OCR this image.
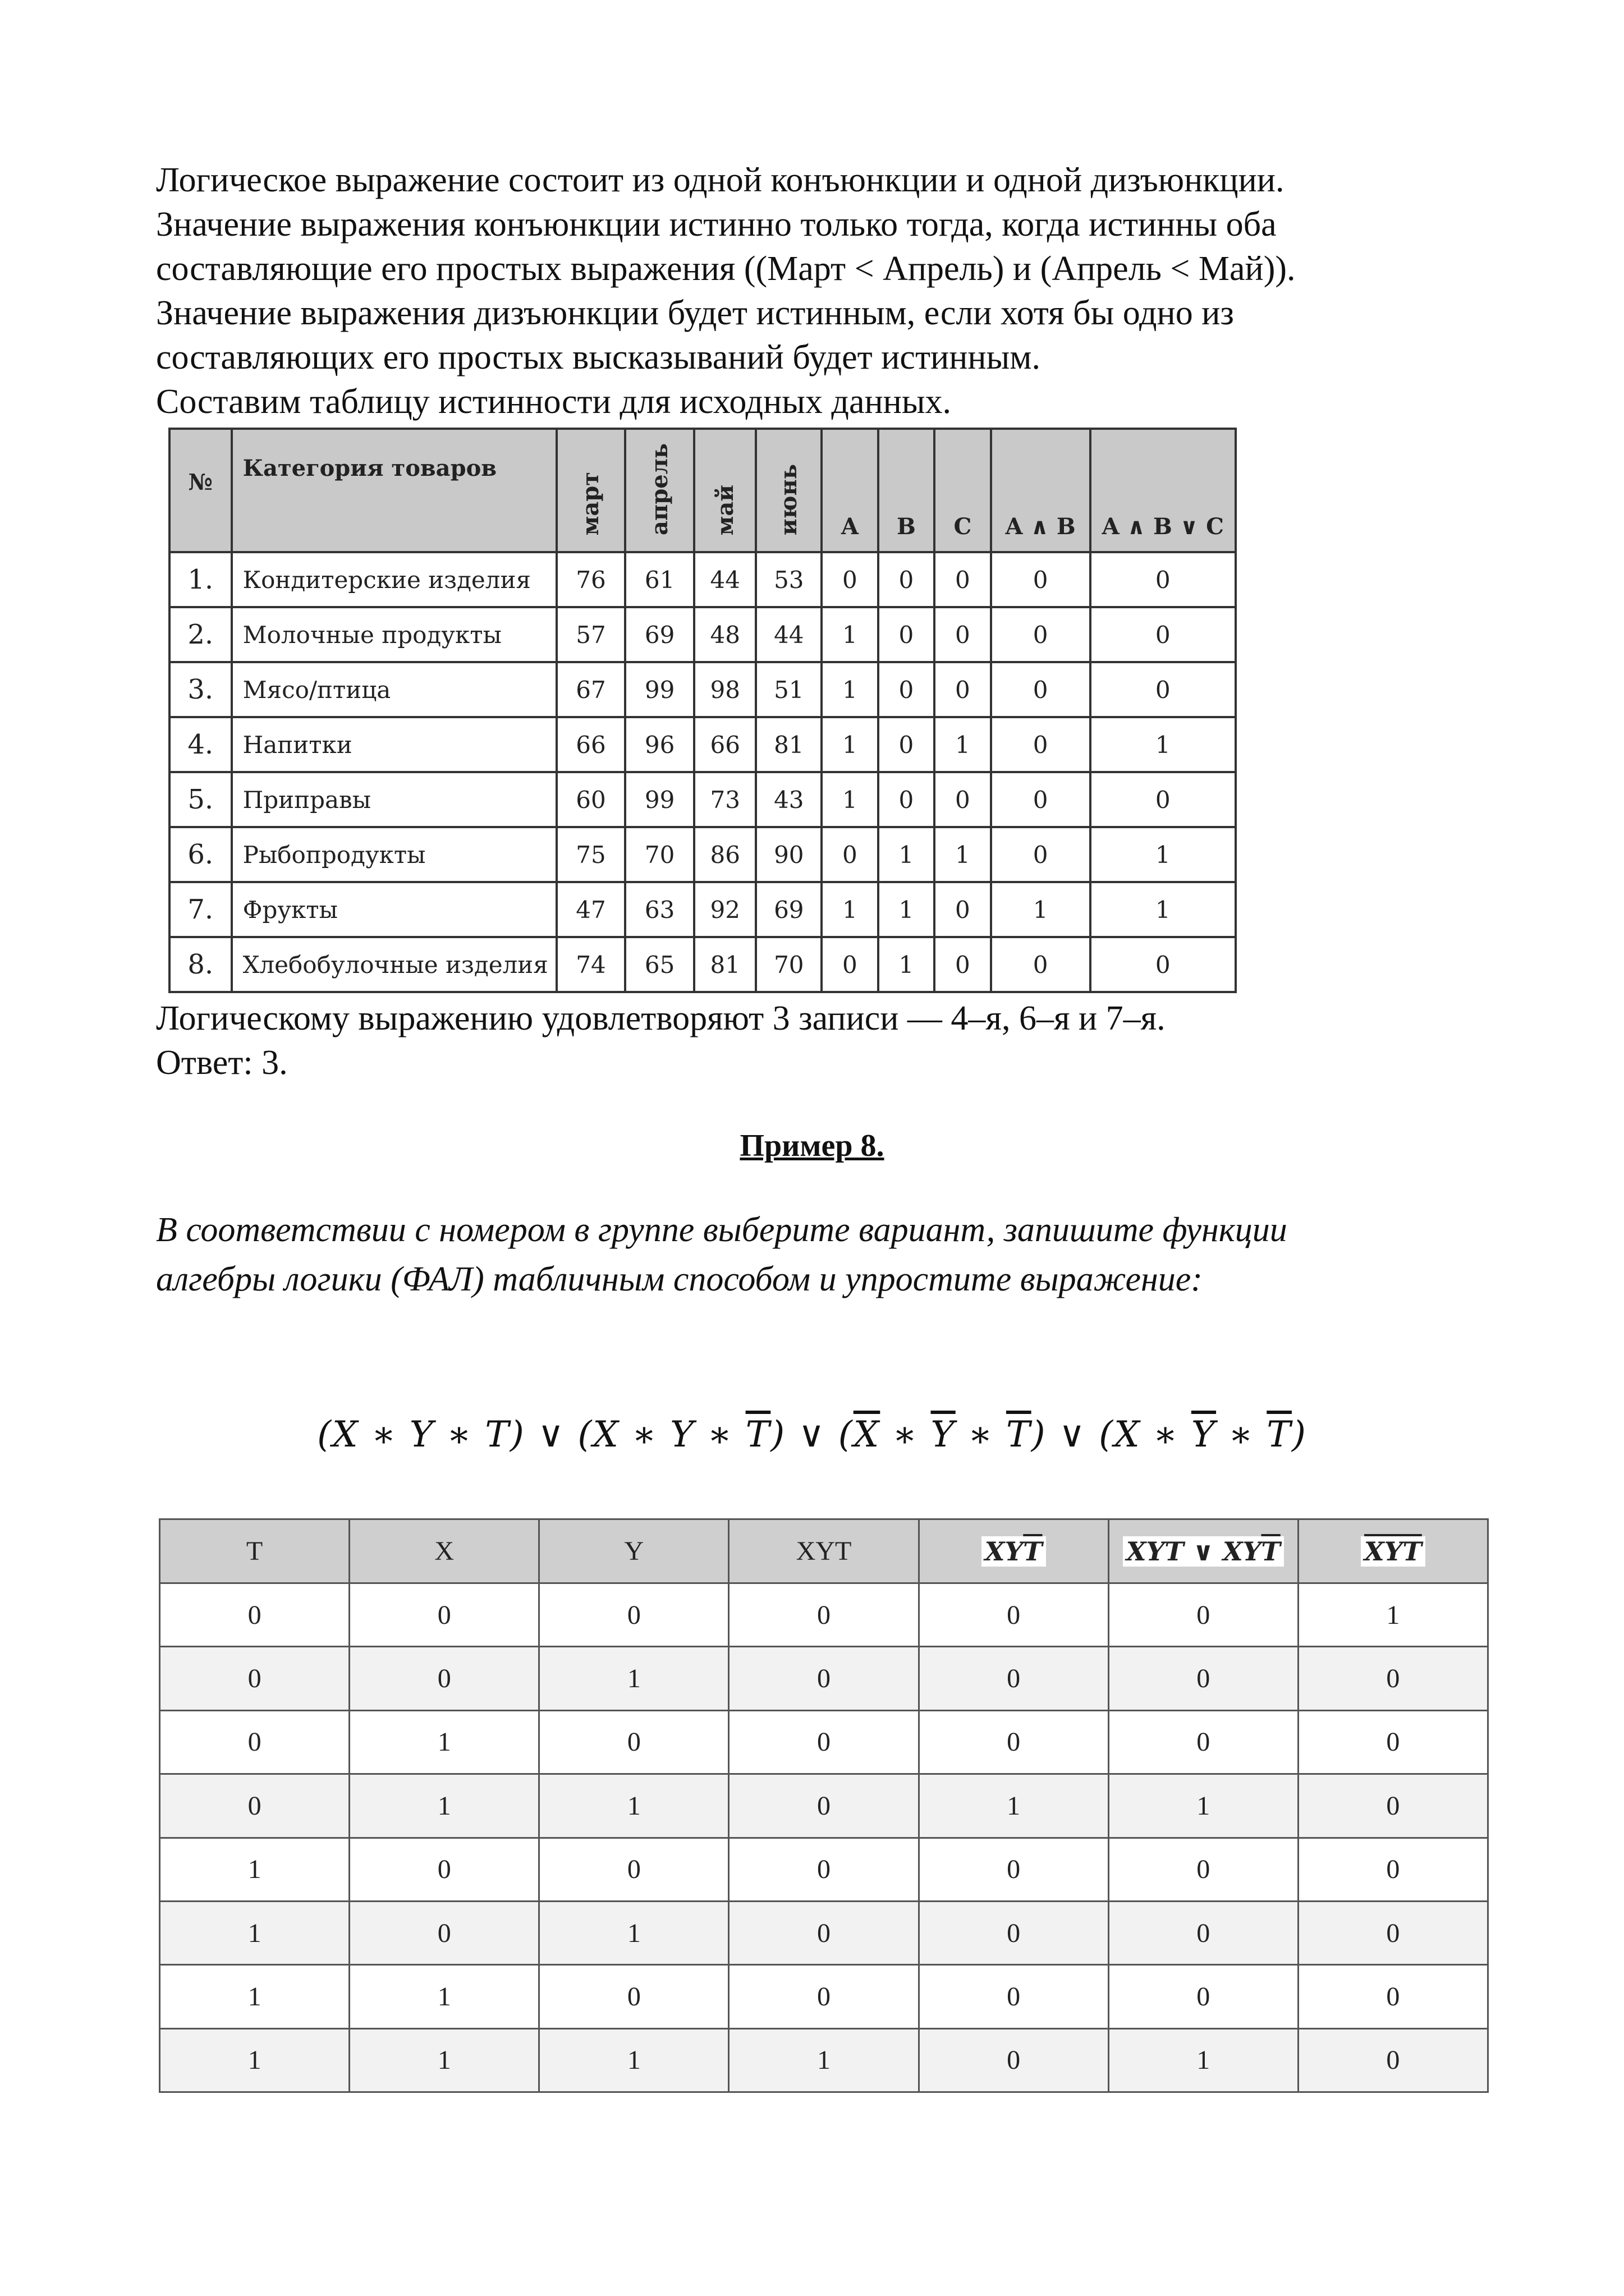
Логическое выражение состоит из одной конъюнкции и одной дизъюнкции.

Значение выражения конъюнкции истинно только тогда, когда истинны оба

составляющие его простых выражения ((Март < Апрель) и (Апрель < Май)).

Значение выражения дизъюнкции будет истинным, если хотя бы одно из

составляющих его простых высказываний будет истинным.

Составим таблицу истинности для исходных данных.

№	Категория товаров	март	апрель	май	июнь	A	B	C	A ∧ B	A ∧ B ∨ C
1.	Кондитерские изделия	76	61	44	53	0	0	0	0	0
2.	Молочные продукты	57	69	48	44	1	0	0	0	0
3.	Мясо/птица	67	99	98	51	1	0	0	0	0
4.	Напитки	66	96	66	81	1	0	1	0	1
5.	Приправы	60	99	73	43	1	0	0	0	0
6.	Рыбопродукты	75	70	86	90	0	1	1	0	1
7.	Фрукты	47	63	92	69	1	1	0	1	1
8.	Хлебобулочные изделия	74	65	81	70	0	1	0	0	0

Логическому выражению удовлетворяют 3 записи — 4–я, 6–я и 7–я.

Ответ: 3.

Пример 8.

В соответствии с номером в группе выберите вариант, запишите функции

алгебры логики (ФАЛ) табличным способом и упростите выражение:

(X ∗ Y ∗ T) ∨ (X ∗ Y ∗ $\overline{T}$) ∨ ($\overline{X}$ ∗ $\overline{Y}$ ∗ $\overline{T}$) ∨ (X ∗ $\overline{Y}$ ∗ $\overline{T}$)
T	X	Y	XYT	$XY\overline{T}$	XYT ∨ $XY\overline{T}$	$\overline{XYT}$
0	0	0	0	0	0	1
0	0	1	0	0	0	0
0	1	0	0	0	0	0
0	1	1	0	1	1	0
1	0	0	0	0	0	0
1	0	1	0	0	0	0
1	1	0	0	0	0	0
1	1	1	1	0	1	0
